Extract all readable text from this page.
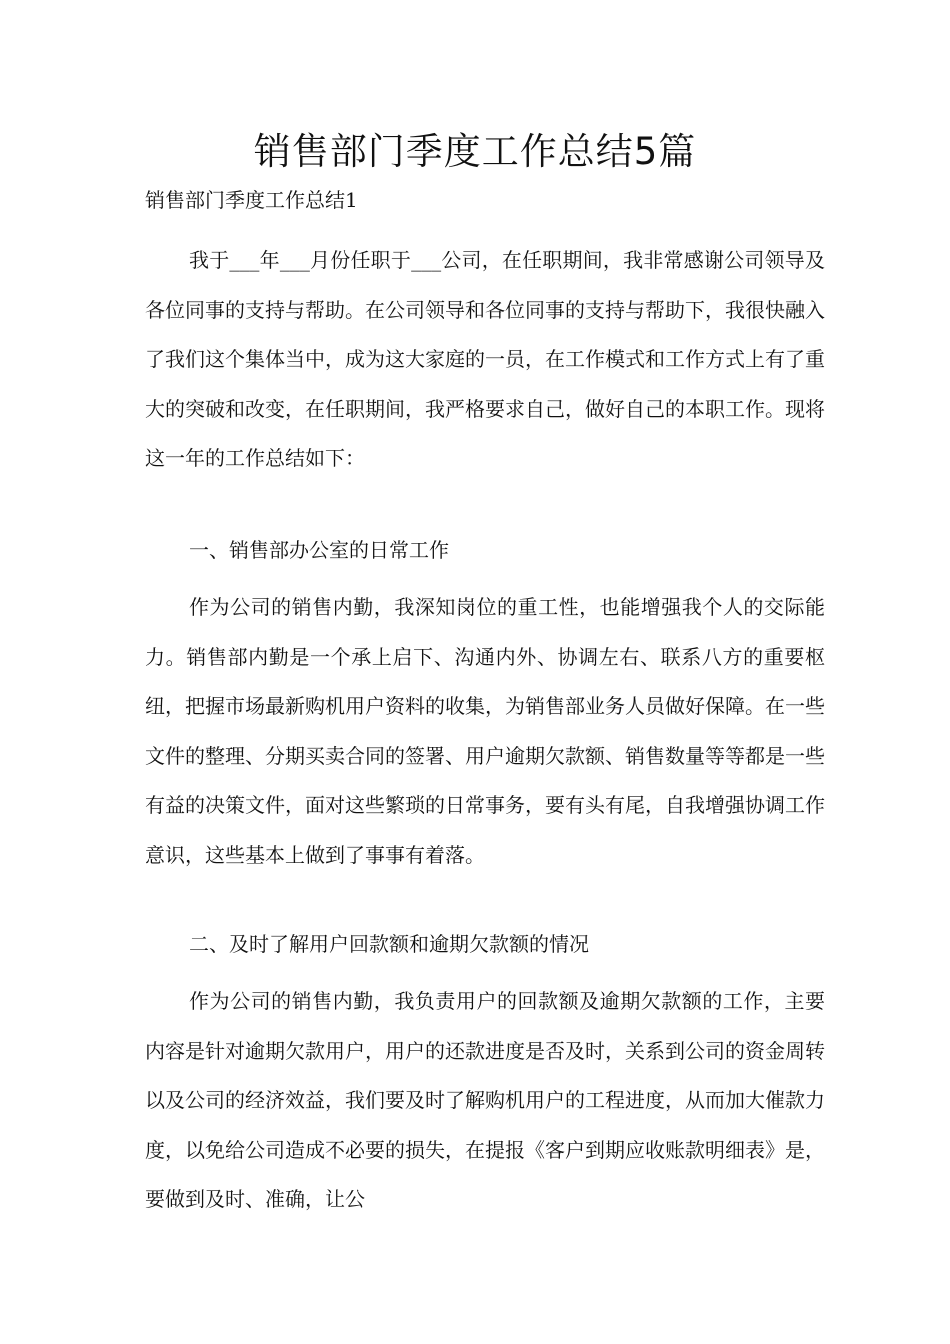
销售部门季度工作总结5篇

销售部门季度工作总结1

我于___年___月份任职于___公司，在任职期间，我非常感谢公司领导及各位同事的支持与帮助。在公司领导和各位同事的支持与帮助下，我很快融入了我们这个集体当中，成为这大家庭的一员，在工作模式和工作方式上有了重大的突破和改变，在任职期间，我严格要求自己，做好自己的本职工作。现将这一年的工作总结如下：

一、销售部办公室的日常工作

作为公司的销售内勤，我深知岗位的重工性，也能增强我个人的交际能力。销售部内勤是一个承上启下、沟通内外、协调左右、联系八方的重要枢纽，把握市场最新购机用户资料的收集，为销售部业务人员做好保障。在一些文件的整理、分期买卖合同的签署、用户逾期欠款额、销售数量等等都是一些有益的决策文件，面对这些繁琐的日常事务，要有头有尾，自我增强协调工作意识，这些基本上做到了事事有着落。

二、及时了解用户回款额和逾期欠款额的情况

作为公司的销售内勤，我负责用户的回款额及逾期欠款额的工作，主要内容是针对逾期欠款用户，用户的还款进度是否及时，关系到公司的资金周转以及公司的经济效益，我们要及时了解购机用户的工程进度，从而加大催款力度，以免给公司造成不必要的损失，在提报《客户到期应收账款明细表》是，要做到及时、准确，让公
